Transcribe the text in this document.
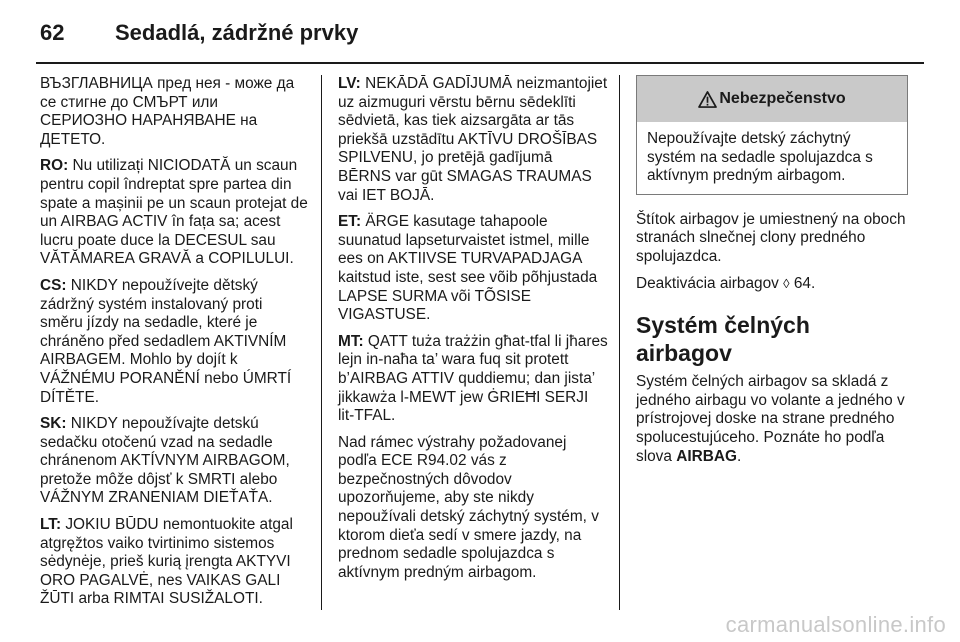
62	Sedadlá, zádržné prvky

ВЪЗГЛАВНИЦА пред нея - може да се стигне до СМЪРТ или СЕРИОЗНО НАРАНЯВАНЕ на ДЕТЕТО.

RO: Nu utilizați NICIODATĂ un scaun pentru copil îndreptat spre partea din spate a mașinii pe un scaun protejat de un AIRBAG ACTIV în fața sa; acest lucru poate duce la DECESUL sau VĂTĂMAREA GRAVĂ a COPILULUI.

CS: NIKDY nepoužívejte dětský zádržný systém instalovaný proti směru jízdy na sedadle, které je chráněno před sedadlem AKTIVNÍM AIRBAGEM. Mohlo by dojít k VÁŽNÉMU PORANĚNÍ nebo ÚMRTÍ DÍTĚTE.

SK: NIKDY nepoužívajte detskú sedačku otočenú vzad na sedadle chránenom AKTÍVNYM AIRBAGOM, pretože môže dôjsť k SMRTI alebo VÁŽNYM ZRANENIAM DIEŤAŤA.

LT: JOKIU BŪDU nemontuokite atgal atgręžtos vaiko tvirtinimo sistemos sėdynėje, prieš kurią įrengta AKTYVI ORO PAGALVĖ, nes VAIKAS GALI ŽŪTI arba RIMTAI SUSIŽALOTI.

LV: NEKĀDĀ GADĪJUMĀ neizmantojiet uz aizmuguri vērstu bērnu sēdeklīti sēdvietā, kas tiek aizsargāta ar tās priekšā uzstādītu AKTĪVU DROŠĪBAS SPILVENU, jo pretējā gadījumā BĒRNS var gūt SMAGAS TRAUMAS vai IET BOJĀ.

ET: ÄRGE kasutage tahapoole suunatud lapseturvaistet istmel, mille ees on AKTIIVSE TURVAPADJAGA kaitstud iste, sest see võib põhjustada LAPSE SURMA või TÕSISE VIGASTUSE.

MT: QATT tuża trażżin għat-tfal li jħares lejn in-naħa ta’ wara fuq sit protett b’AIRBAG ATTIV quddiemu; dan jista’ jikkawża l-MEWT jew ĠRIEĦI SERJI lit-TFAL.

Nad rámec výstrahy požadovanej podľa ECE R94.02 vás z bezpečnostných dôvodov upozorňujeme, aby ste nikdy nepoužívali detský záchytný systém, v ktorom dieťa sedí v smere jazdy, na prednom sedadle spolujazdca s aktívnym predným airbagom.

Nebezpečenstvo
Nepoužívajte detský záchytný systém na sedadle spolujazdca s aktívnym predným airbagom.

Štítok airbagov je umiestnený na oboch stranách slnečnej clony predného spolujazdca.

Deaktivácia airbagov ◊ 64.

Systém čelných airbagov

Systém čelných airbagov sa skladá z jedného airbagu vo volante a jedného v prístrojovej doske na strane predného spolucestujúceho. Poznáte ho podľa slova AIRBAG.

carmanualsonline.info
